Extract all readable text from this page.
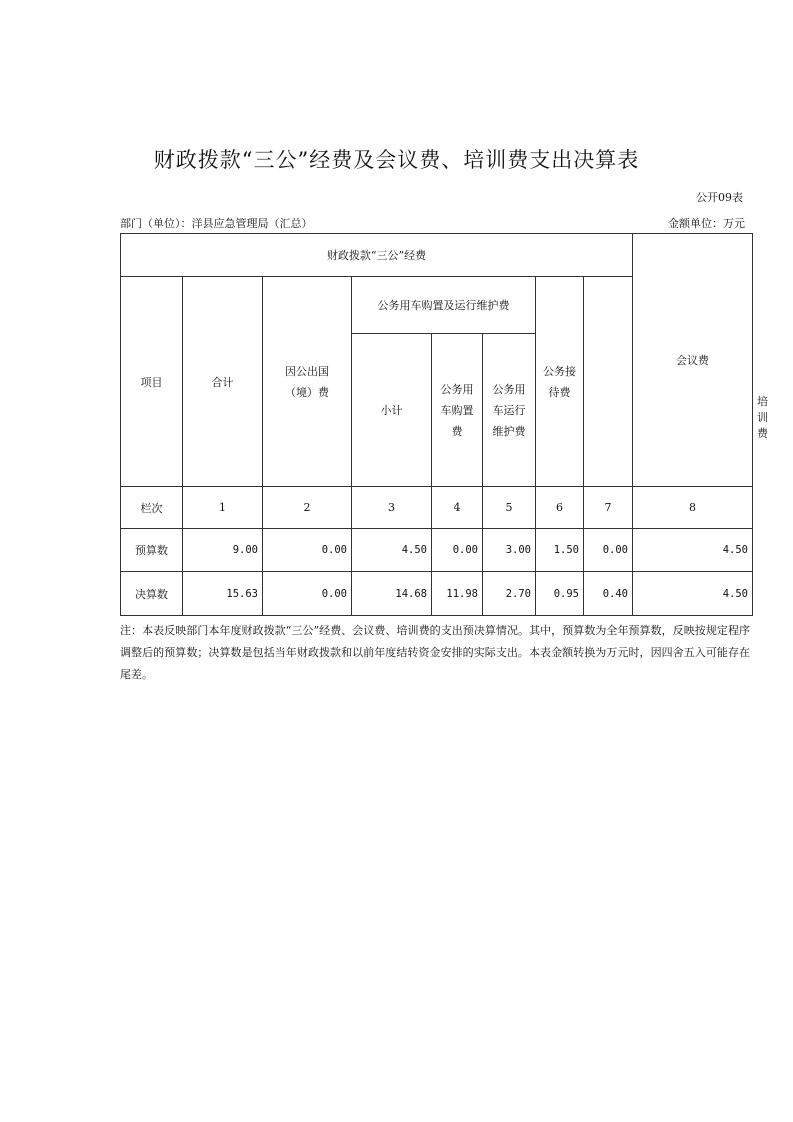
财政拨款“三公”经费及会议费、培训费支出决算表
公开09表
部门（单位）：洋县应急管理局（汇总）	金额单位：万元
财政拨款“三公”经费								会议费	培训费
项目	合计	因公出国（境）费	公务用车购置及运行维护费			公务接待费			
			小计	公务用车购置费	公务用车运行维护费				
栏次	1	2	3	4	5	6	7	8	
预算数	9.00	0.00	4.50	0.00	3.00	1.50	0.00	4.50	
决算数	15.63	0.00	14.68	11.98	2.70	0.95	0.40	4.50	
注：本表反映部门本年度财政拨款“三公”经费、会议费、培训费的支出预决算情况。其中，预算数为全年预算数，反映按规定程序调整后的预算数；决算数是包括当年财政拨款和以前年度结转资金安排的实际支出。本表金额转换为万元时，因四舍五入可能存在尾差。
